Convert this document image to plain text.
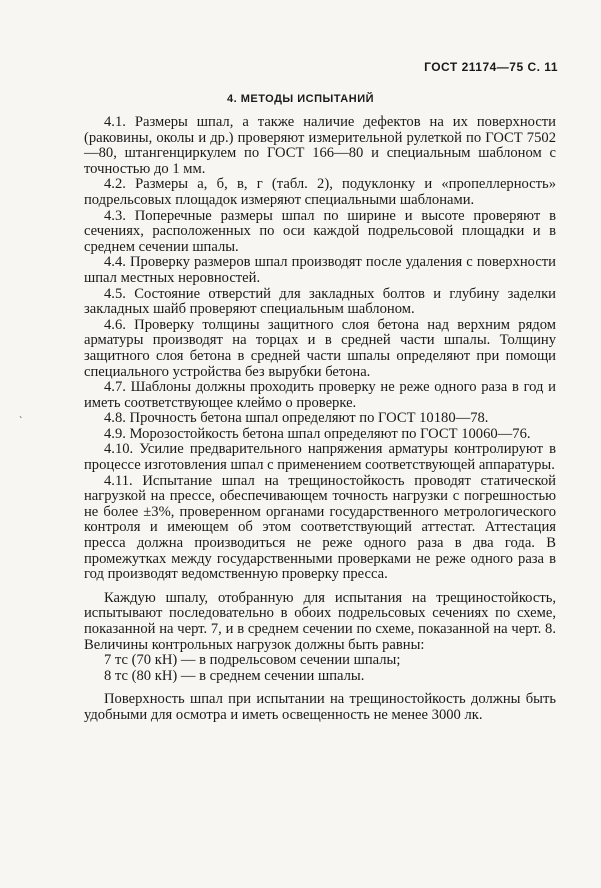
ГОСТ 21174—75 С. 11
4. МЕТОДЫ ИСПЫТАНИЙ

4.1. Размеры шпал, а также наличие дефектов на их поверхности (раковины, околы и др.) проверяют измерительной рулеткой по ГОСТ 7502—80, штангенциркулем по ГОСТ 166—80 и специальным шаблоном с точностью до 1 мм.

4.2. Размеры а, б, в, г (табл. 2), подуклонку и «пропеллерность» подрельсовых площадок измеряют специальными шаблонами.

4.3. Поперечные размеры шпал по ширине и высоте проверяют в сечениях, расположенных по оси каждой подрельсовой площадки и в среднем сечении шпалы.

4.4. Проверку размеров шпал производят после удаления с поверхности шпал местных неровностей.

4.5. Состояние отверстий для закладных болтов и глубину заделки закладных шайб проверяют специальным шаблоном.

4.6. Проверку толщины защитного слоя бетона над верхним рядом арматуры производят на торцах и в средней части шпалы. Толщину защитного слоя бетона в средней части шпалы определяют при помощи специального устройства без вырубки бетона.

4.7. Шаблоны должны проходить проверку не реже одного раза в год и иметь соответствующее клеймо о проверке.

4.8. Прочность бетона шпал определяют по ГОСТ 10180—78.

4.9. Морозостойкость бетона шпал определяют по ГОСТ 10060—76.

4.10. Усилие предварительного напряжения арматуры контролируют в процессе изготовления шпал с применением соответствующей аппаратуры.

4.11. Испытание шпал на трещиностойкость проводят статической нагрузкой на прессе, обеспечивающем точность нагрузки с погрешностью не более ±3%, проверенном органами государственного метрологического контроля и имеющем об этом соответствующий аттестат. Аттестация пресса должна производиться не реже одного раза в два года. В промежутках между государственными проверками не реже одного раза в год производят ведомственную проверку пресса.

Каждую шпалу, отобранную для испытания на трещиностойкость, испытывают последовательно в обоих подрельсовых сечениях по схеме, показанной на черт. 7, и в среднем сечении по схеме, показанной на черт. 8. Величины контрольных нагрузок должны быть равны:

7 тс (70 кН) — в подрельсовом сечении шпалы;

8 тс (80 кН) — в среднем сечении шпалы.

Поверхность шпал при испытании на трещиностойкость должны быть удобными для осмотра и иметь освещенность не менее 3000 лк.

`
